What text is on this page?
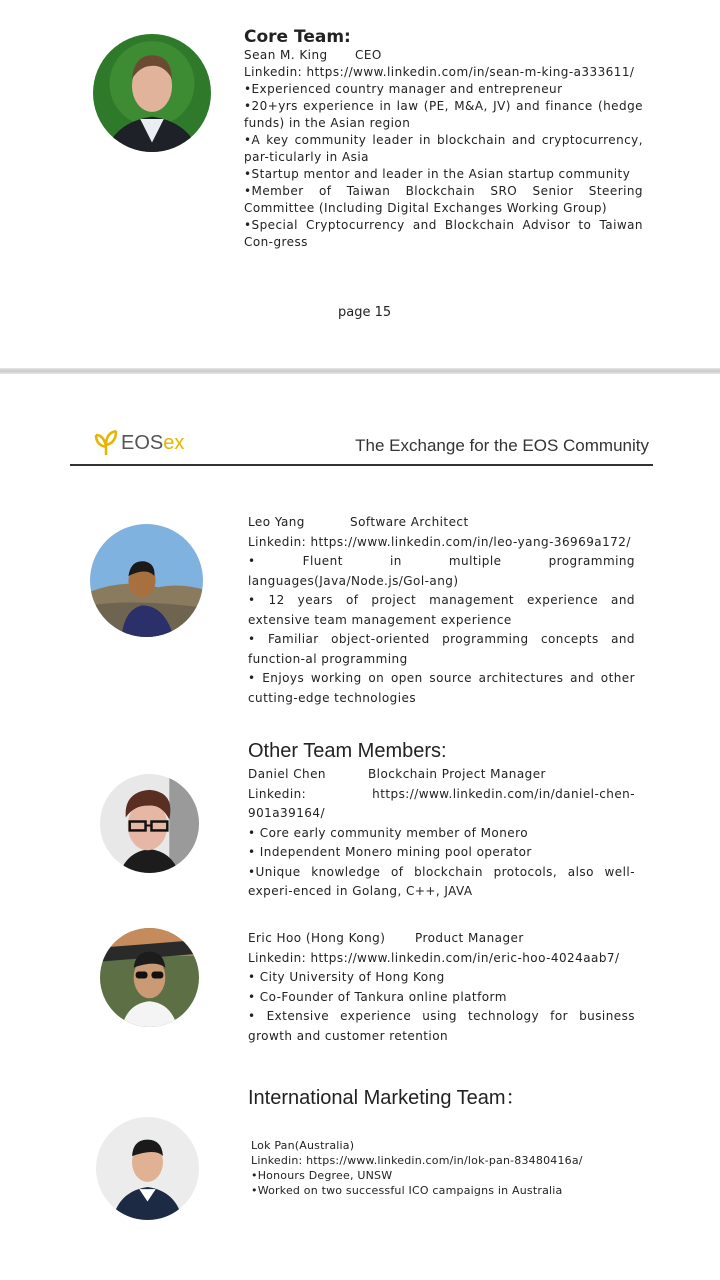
Core Team:
Sean M. King	CEO

Linkedin: https://www.linkedin.com/in/sean-m-king-a333611/

•Experienced country manager and entrepreneur

•20+yrs experience in law (PE, M&A, JV) and finance (hedge funds) in the Asian region

•A key community leader in blockchain and cryptocurrency, par-ticularly in Asia

•Startup mentor and leader in the Asian startup community

•Member of Taiwan Blockchain SRO Senior Steering Committee (Including Digital Exchanges Working Group)

•Special Cryptocurrency and Blockchain Advisor to Taiwan Con-gress

page 15
EOSex	The Exchange for the EOS Community
Leo Yang	Software Architect

Linkedin: https://www.linkedin.com/in/leo-yang-36969a172/

• Fluent in multiple programming languages(Java/Node.js/Gol-ang)

• 12 years of project management experience and extensive team management experience

• Familiar object-oriented programming concepts and function-al programming

• Enjoys working on open source architectures and other cutting-edge technologies

Other Team Members:
Daniel Chen	Blockchain Project Manager

Linkedin: https://www.linkedin.com/in/daniel-chen-901a39164/

• Core early community member of Monero

• Independent Monero mining pool operator

•Unique knowledge of blockchain protocols, also well-experi-enced in Golang, C++, JAVA

Eric Hoo (Hong Kong)	Product Manager

Linkedin: https://www.linkedin.com/in/eric-hoo-4024aab7/

• City University of Hong Kong

• Co-Founder of Tankura online platform

• Extensive experience using technology for business growth and customer retention

International Marketing Team：

Lok Pan(Australia)

Linkedin: https://www.linkedin.com/in/lok-pan-83480416a/

•Honours Degree, UNSW

•Worked on two successful ICO campaigns in Australia
